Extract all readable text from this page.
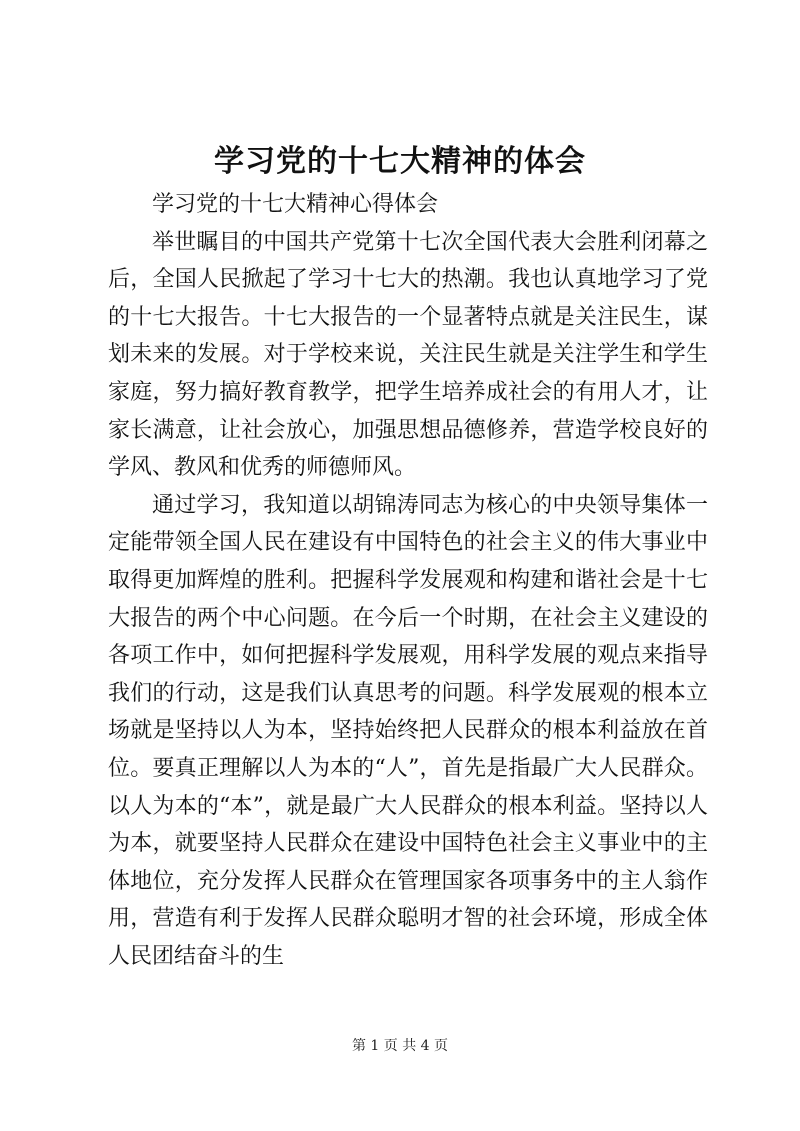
学习党的十七大精神的体会

学习党的十七大精神心得体会

举世瞩目的中国共产党第十七次全国代表大会胜利闭幕之后，全国人民掀起了学习十七大的热潮。我也认真地学习了党的十七大报告。十七大报告的一个显著特点就是关注民生，谋划未来的发展。对于学校来说，关注民生就是关注学生和学生家庭，努力搞好教育教学，把学生培养成社会的有用人才，让家长满意，让社会放心，加强思想品德修养，营造学校良好的学风、教风和优秀的师德师风。

通过学习，我知道以胡锦涛同志为核心的中央领导集体一定能带领全国人民在建设有中国特色的社会主义的伟大事业中取得更加辉煌的胜利。把握科学发展观和构建和谐社会是十七大报告的两个中心问题。在今后一个时期，在社会主义建设的各项工作中，如何把握科学发展观，用科学发展的观点来指导我们的行动，这是我们认真思考的问题。科学发展观的根本立场就是坚持以人为本，坚持始终把人民群众的根本利益放在首位。要真正理解以人为本的“人”，首先是指最广大人民群众。以人为本的“本”，就是最广大人民群众的根本利益。坚持以人为本，就要坚持人民群众在建设中国特色社会主义事业中的主体地位，充分发挥人民群众在管理国家各项事务中的主人翁作用，营造有利于发挥人民群众聪明才智的社会环境，形成全体人民团结奋斗的生

第 1 页 共 4 页
